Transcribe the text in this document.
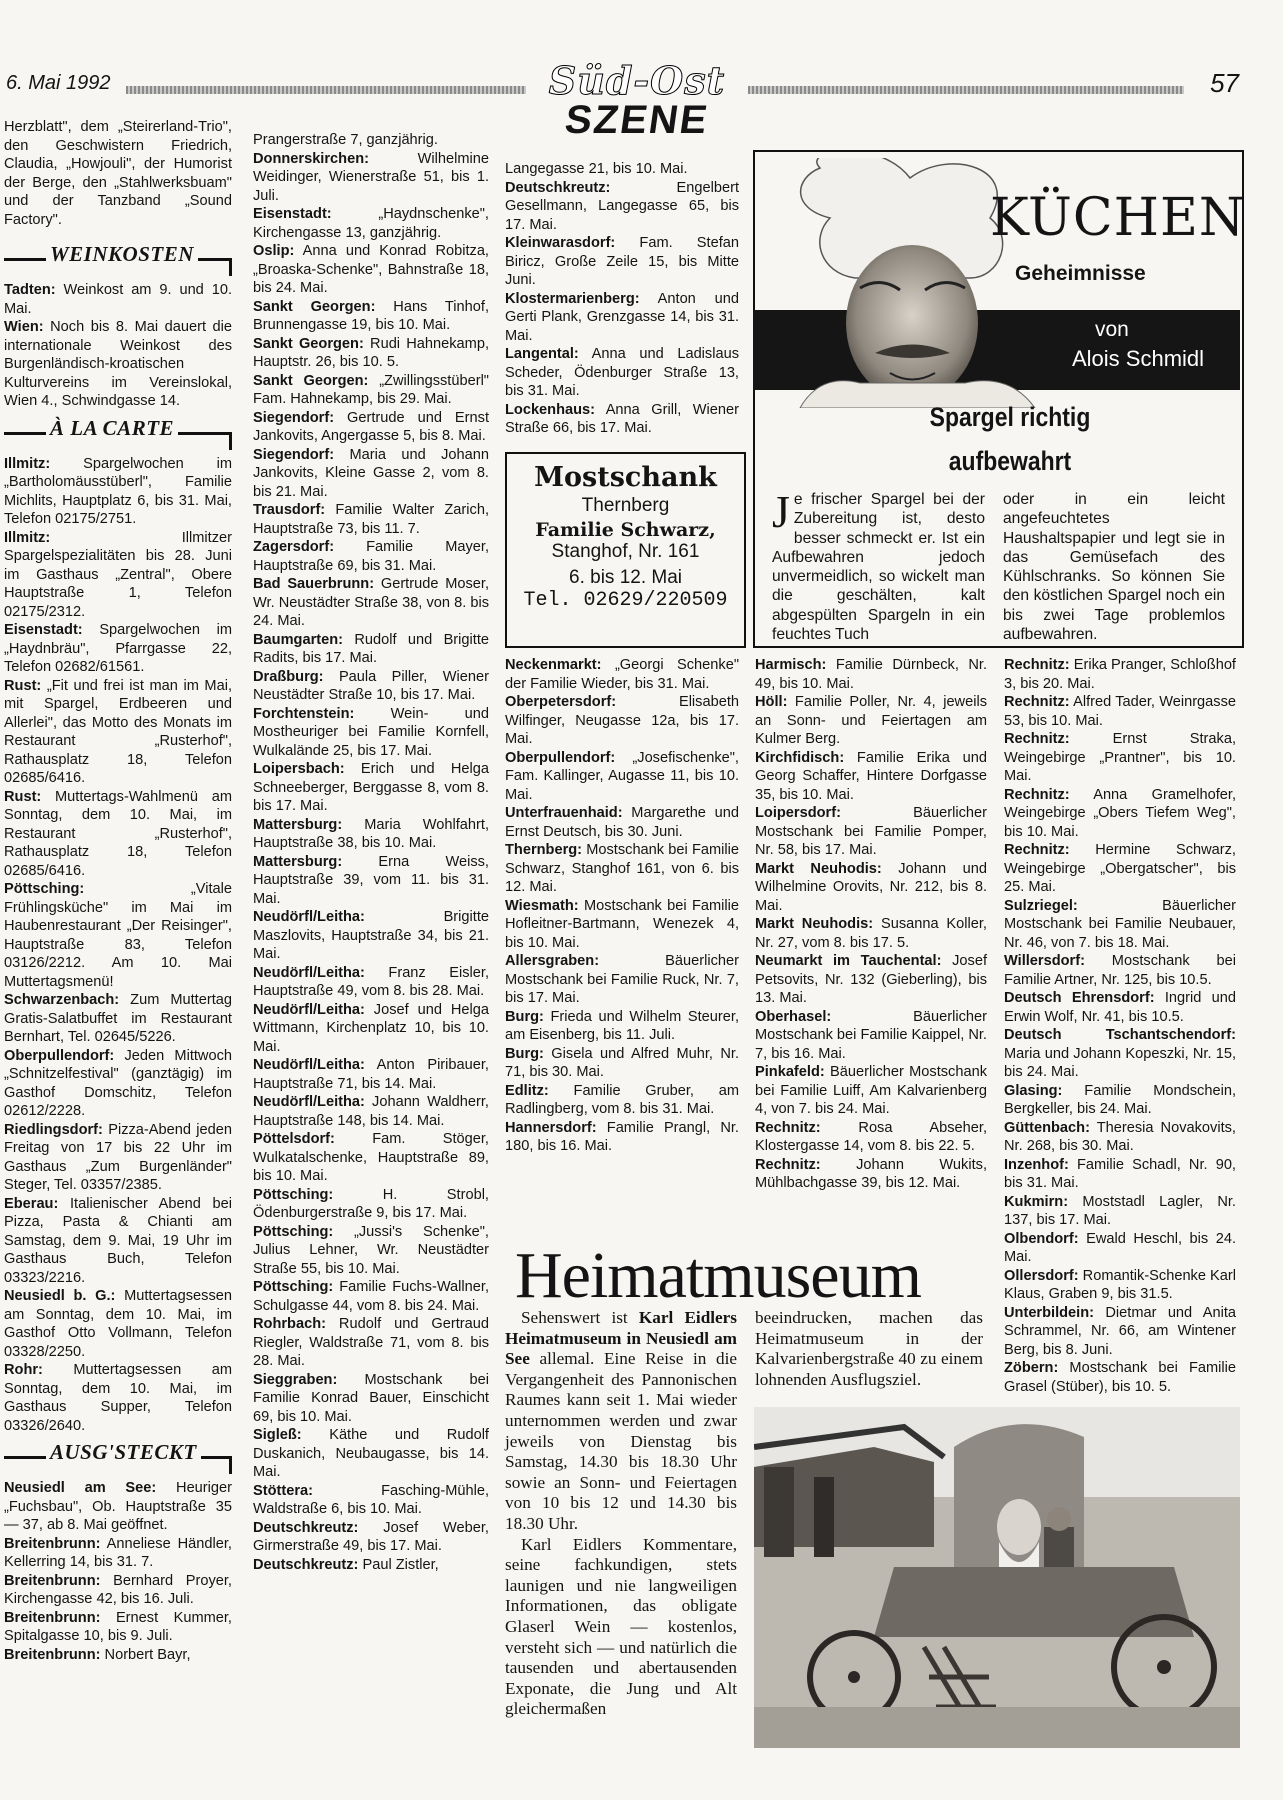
6. Mai 1992	57
Süd-Ost
SZENE

Herzblatt", dem „Steirerland-Trio", den Geschwistern Friedrich, Claudia, „Howjouli", der Humorist der Berge, den „Stahlwerksbuam" und der Tanzband „Sound Factory".

WEINKOSTEN

Tadten: Weinkost am 9. und 10. Mai.

Wien: Noch bis 8. Mai dauert die internationale Weinkost des Burgenländisch-kroatischen Kulturvereins im Vereinslokal, Wien 4., Schwindgasse 14.

À LA CARTE

Illmitz: Spargelwochen im „Bartholomäusstüberl", Familie Michlits, Hauptplatz 6, bis 31. Mai, Telefon 02175/2751.

Illmitz: Illmitzer Spargelspezialitäten bis 28. Juni im Gasthaus „Zentral", Obere Hauptstraße 1, Telefon 02175/2312.

Eisenstadt: Spargelwochen im „Haydnbräu", Pfarrgasse 22, Telefon 02682/61561.

Rust: „Fit und frei ist man im Mai, mit Spargel, Erdbeeren und Allerlei", das Motto des Monats im Restaurant „Rusterhof", Rathausplatz 18, Telefon 02685/6416.

Rust: Muttertags-Wahlmenü am Sonntag, dem 10. Mai, im Restaurant „Rusterhof", Rathausplatz 18, Telefon 02685/6416.

Pöttsching: „Vitale Frühlingsküche" im Mai im Haubenrestaurant „Der Reisinger", Hauptstraße 83, Telefon 03126/2212. Am 10. Mai Muttertagsmenü!

Schwarzenbach: Zum Muttertag Gratis-Salatbuffet im Restaurant Bernhart, Tel. 02645/5226.

Oberpullendorf: Jeden Mittwoch „Schnitzelfestival" (ganztägig) im Gasthof Domschitz, Telefon 02612/2228.

Riedlingsdorf: Pizza-Abend jeden Freitag von 17 bis 22 Uhr im Gasthaus „Zum Burgenländer" Steger, Tel. 03357/2385.

Eberau: Italienischer Abend bei Pizza, Pasta & Chianti am Samstag, dem 9. Mai, 19 Uhr im Gasthaus Buch, Telefon 03323/2216.

Neusiedl b. G.: Muttertagsessen am Sonntag, dem 10. Mai, im Gasthof Otto Vollmann, Telefon 03328/2250.

Rohr: Muttertagsessen am Sonntag, dem 10. Mai, im Gasthaus Supper, Telefon 03326/2640.

AUSG'STECKT

Neusiedl am See: Heuriger „Fuchsbau", Ob. Hauptstraße 35 — 37, ab 8. Mai geöffnet.

Breitenbrunn: Anneliese Händler, Kellerring 14, bis 31. 7.

Breitenbrunn: Bernhard Proyer, Kirchengasse 42, bis 16. Juli.

Breitenbrunn: Ernest Kummer, Spitalgasse 10, bis 9. Juli.

Breitenbrunn: Norbert Bayr,

Prangerstraße 7, ganzjährig.

Donnerskirchen: Wilhelmine Weidinger, Wienerstraße 51, bis 1. Juli.

Eisenstadt: „Haydnschenke", Kirchengasse 13, ganzjährig.

Oslip: Anna und Konrad Robitza, „Broaska-Schenke", Bahnstraße 18, bis 24. Mai.

Sankt Georgen: Hans Tinhof, Brunnengasse 19, bis 10. Mai.

Sankt Georgen: Rudi Hahnekamp, Hauptstr. 26, bis 10. 5.

Sankt Georgen: „Zwillingsstüberl" Fam. Hahnekamp, bis 29. Mai.

Siegendorf: Gertrude und Ernst Jankovits, Angergasse 5, bis 8. Mai.

Siegendorf: Maria und Johann Jankovits, Kleine Gasse 2, vom 8. bis 21. Mai.

Trausdorf: Familie Walter Zarich, Hauptstraße 73, bis 11. 7.

Zagersdorf: Familie Mayer, Hauptstraße 69, bis 31. Mai.

Bad Sauerbrunn: Gertrude Moser, Wr. Neustädter Straße 38, von 8. bis 24. Mai.

Baumgarten: Rudolf und Brigitte Radits, bis 17. Mai.

Draßburg: Paula Piller, Wiener Neustädter Straße 10, bis 17. Mai.

Forchtenstein: Wein- und Mostheuriger bei Familie Kornfell, Wulkalände 25, bis 17. Mai.

Loipersbach: Erich und Helga Schneeberger, Berggasse 8, vom 8. bis 17. Mai.

Mattersburg: Maria Wohlfahrt, Hauptstraße 38, bis 10. Mai.

Mattersburg: Erna Weiss, Hauptstraße 39, vom 11. bis 31. Mai.

Neudörfl/Leitha: Brigitte Maszlovits, Hauptstraße 34, bis 21. Mai.

Neudörfl/Leitha: Franz Eisler, Hauptstraße 49, vom 8. bis 28. Mai.

Neudörfl/Leitha: Josef und Helga Wittmann, Kirchenplatz 10, bis 10. Mai.

Neudörfl/Leitha: Anton Piribauer, Hauptstraße 71, bis 14. Mai.

Neudörfl/Leitha: Johann Waldherr, Hauptstraße 148, bis 14. Mai.

Pöttelsdorf: Fam. Stöger, Wulkatalschenke, Hauptstraße 89, bis 10. Mai.

Pöttsching: H. Strobl, Ödenburgerstraße 9, bis 17. Mai.

Pöttsching: „Jussi's Schenke", Julius Lehner, Wr. Neustädter Straße 55, bis 10. Mai.

Pöttsching: Familie Fuchs-Wallner, Schulgasse 44, vom 8. bis 24. Mai.

Rohrbach: Rudolf und Gertraud Riegler, Waldstraße 71, vom 8. bis 28. Mai.

Sieggraben: Mostschank bei Familie Konrad Bauer, Einschicht 69, bis 10. Mai.

Sigleß: Käthe und Rudolf Duskanich, Neubaugasse, bis 14. Mai.

Stöttera: Fasching-Mühle, Waldstraße 6, bis 10. Mai.

Deutschkreutz: Josef Weber, Girmerstraße 49, bis 17. Mai.

Deutschkreutz: Paul Zistler,

Langegasse 21, bis 10. Mai.

Deutschkreutz: Engelbert Gesellmann, Langegasse 65, bis 17. Mai.

Kleinwarasdorf: Fam. Stefan Biricz, Große Zeile 15, bis Mitte Juni.

Klostermarienberg: Anton und Gerti Plank, Grenzgasse 14, bis 31. Mai.

Langental: Anna und Ladislaus Scheder, Ödenburger Straße 13, bis 31. Mai.

Lockenhaus: Anna Grill, Wiener Straße 66, bis 17. Mai.

Mostschank
Thernberg
Familie Schwarz,
Stanghof, Nr. 161
6. bis 12. Mai
Tel. 02629/220509

Neckenmarkt: „Georgi Schenke" der Familie Wieder, bis 31. Mai.

Oberpetersdorf: Elisabeth Wilfinger, Neugasse 12a, bis 17. Mai.

Oberpullendorf: „Josefischenke", Fam. Kallinger, Augasse 11, bis 10. Mai.

Unterfrauenhaid: Margarethe und Ernst Deutsch, bis 30. Juni.

Thernberg: Mostschank bei Familie Schwarz, Stanghof 161, von 6. bis 12. Mai.

Wiesmath: Mostschank bei Familie Hofleitner-Bartmann, Wenezek 4, bis 10. Mai.

Allersgraben: Bäuerlicher Mostschank bei Familie Ruck, Nr. 7, bis 17. Mai.

Burg: Frieda und Wilhelm Steurer, am Eisenberg, bis 11. Juli.

Burg: Gisela und Alfred Muhr, Nr. 71, bis 30. Mai.

Edlitz: Familie Gruber, am Radlingberg, vom 8. bis 31. Mai.

Hannersdorf: Familie Prangl, Nr. 180, bis 16. Mai.

KÜCHEN
Geheimnisse
von
Alois Schmidl
Spargel richtig
aufbewahrt

Je frischer Spargel bei der Zubereitung ist, desto besser schmeckt er. Ist ein Aufbewahren jedoch unvermeidlich, so wickelt man die geschälten, kalt abgespülten Spargeln in ein feuchtes Tuch

oder in ein leicht angefeuchtetes Haushaltspapier und legt sie in das Gemüsefach des Kühlschranks. So können Sie den köstlichen Spargel noch ein bis zwei Tage problemlos aufbewahren.

Harmisch: Familie Dürnbeck, Nr. 49, bis 10. Mai.

Höll: Familie Poller, Nr. 4, jeweils an Sonn- und Feiertagen am Kulmer Berg.

Kirchfidisch: Familie Erika und Georg Schaffer, Hintere Dorfgasse 35, bis 10. Mai.

Loipersdorf: Bäuerlicher Mostschank bei Familie Pomper, Nr. 58, bis 17. Mai.

Markt Neuhodis: Johann und Wilhelmine Orovits, Nr. 212, bis 8. Mai.

Markt Neuhodis: Susanna Koller, Nr. 27, vom 8. bis 17. 5.

Neumarkt im Tauchental: Josef Petsovits, Nr. 132 (Gieberling), bis 13. Mai.

Oberhasel: Bäuerlicher Mostschank bei Familie Kaippel, Nr. 7, bis 16. Mai.

Pinkafeld: Bäuerlicher Mostschank bei Familie Luiff, Am Kalvarienberg 4, von 7. bis 24. Mai.

Rechnitz: Rosa Abseher, Klostergasse 14, vom 8. bis 22. 5.

Rechnitz: Johann Wukits, Mühlbachgasse 39, bis 12. Mai.

Rechnitz: Erika Pranger, Schloßhof 3, bis 20. Mai.

Rechnitz: Alfred Tader, Weinrgasse 53, bis 10. Mai.

Rechnitz: Ernst Straka, Weingebirge „Prantner", bis 10. Mai.

Rechnitz: Anna Gramelhofer, Weingebirge „Obers Tiefem Weg", bis 10. Mai.

Rechnitz: Hermine Schwarz, Weingebirge „Obergatscher", bis 25. Mai.

Sulzriegel: Bäuerlicher Mostschank bei Familie Neubauer, Nr. 46, von 7. bis 18. Mai.

Willersdorf: Mostschank bei Familie Artner, Nr. 125, bis 10.5.

Deutsch Ehrensdorf: Ingrid und Erwin Wolf, Nr. 41, bis 10.5.

Deutsch Tschantschendorf: Maria und Johann Kopeszki, Nr. 15, bis 24. Mai.

Glasing: Familie Mondschein, Bergkeller, bis 24. Mai.

Güttenbach: Theresia Novakovits, Nr. 268, bis 30. Mai.

Inzenhof: Familie Schadl, Nr. 90, bis 31. Mai.

Kukmirn: Moststadl Lagler, Nr. 137, bis 17. Mai.

Olbendorf: Ewald Heschl, bis 24. Mai.

Ollersdorf: Romantik-Schenke Karl Klaus, Graben 9, bis 31.5.

Unterbildein: Dietmar und Anita Schrammel, Nr. 66, am Wintener Berg, bis 8. Juni.

Zöbern: Mostschank bei Familie Grasel (Stüber), bis 10. 5.

Heimatmuseum

Sehenswert ist Karl Eidlers Heimatmuseum in Neusiedl am See allemal. Eine Reise in die Vergangenheit des Pannonischen Raumes kann seit 1. Mai wieder unternommen werden und zwar jeweils von Dienstag bis Samstag, 14.30 bis 18.30 Uhr sowie an Sonn- und Feiertagen von 10 bis 12 und 14.30 bis 18.30 Uhr.

Karl Eidlers Kommentare, seine fachkundigen, stets launigen und nie langweiligen Informationen, das obligate Glaserl Wein — kostenlos, versteht sich — und natürlich die tausenden und abertausenden Exponate, die Jung und Alt gleichermaßen

beeindrucken, machen das Heimatmuseum in der Kalvarienbergstraße 40 zu einem lohnenden Ausflugsziel.
